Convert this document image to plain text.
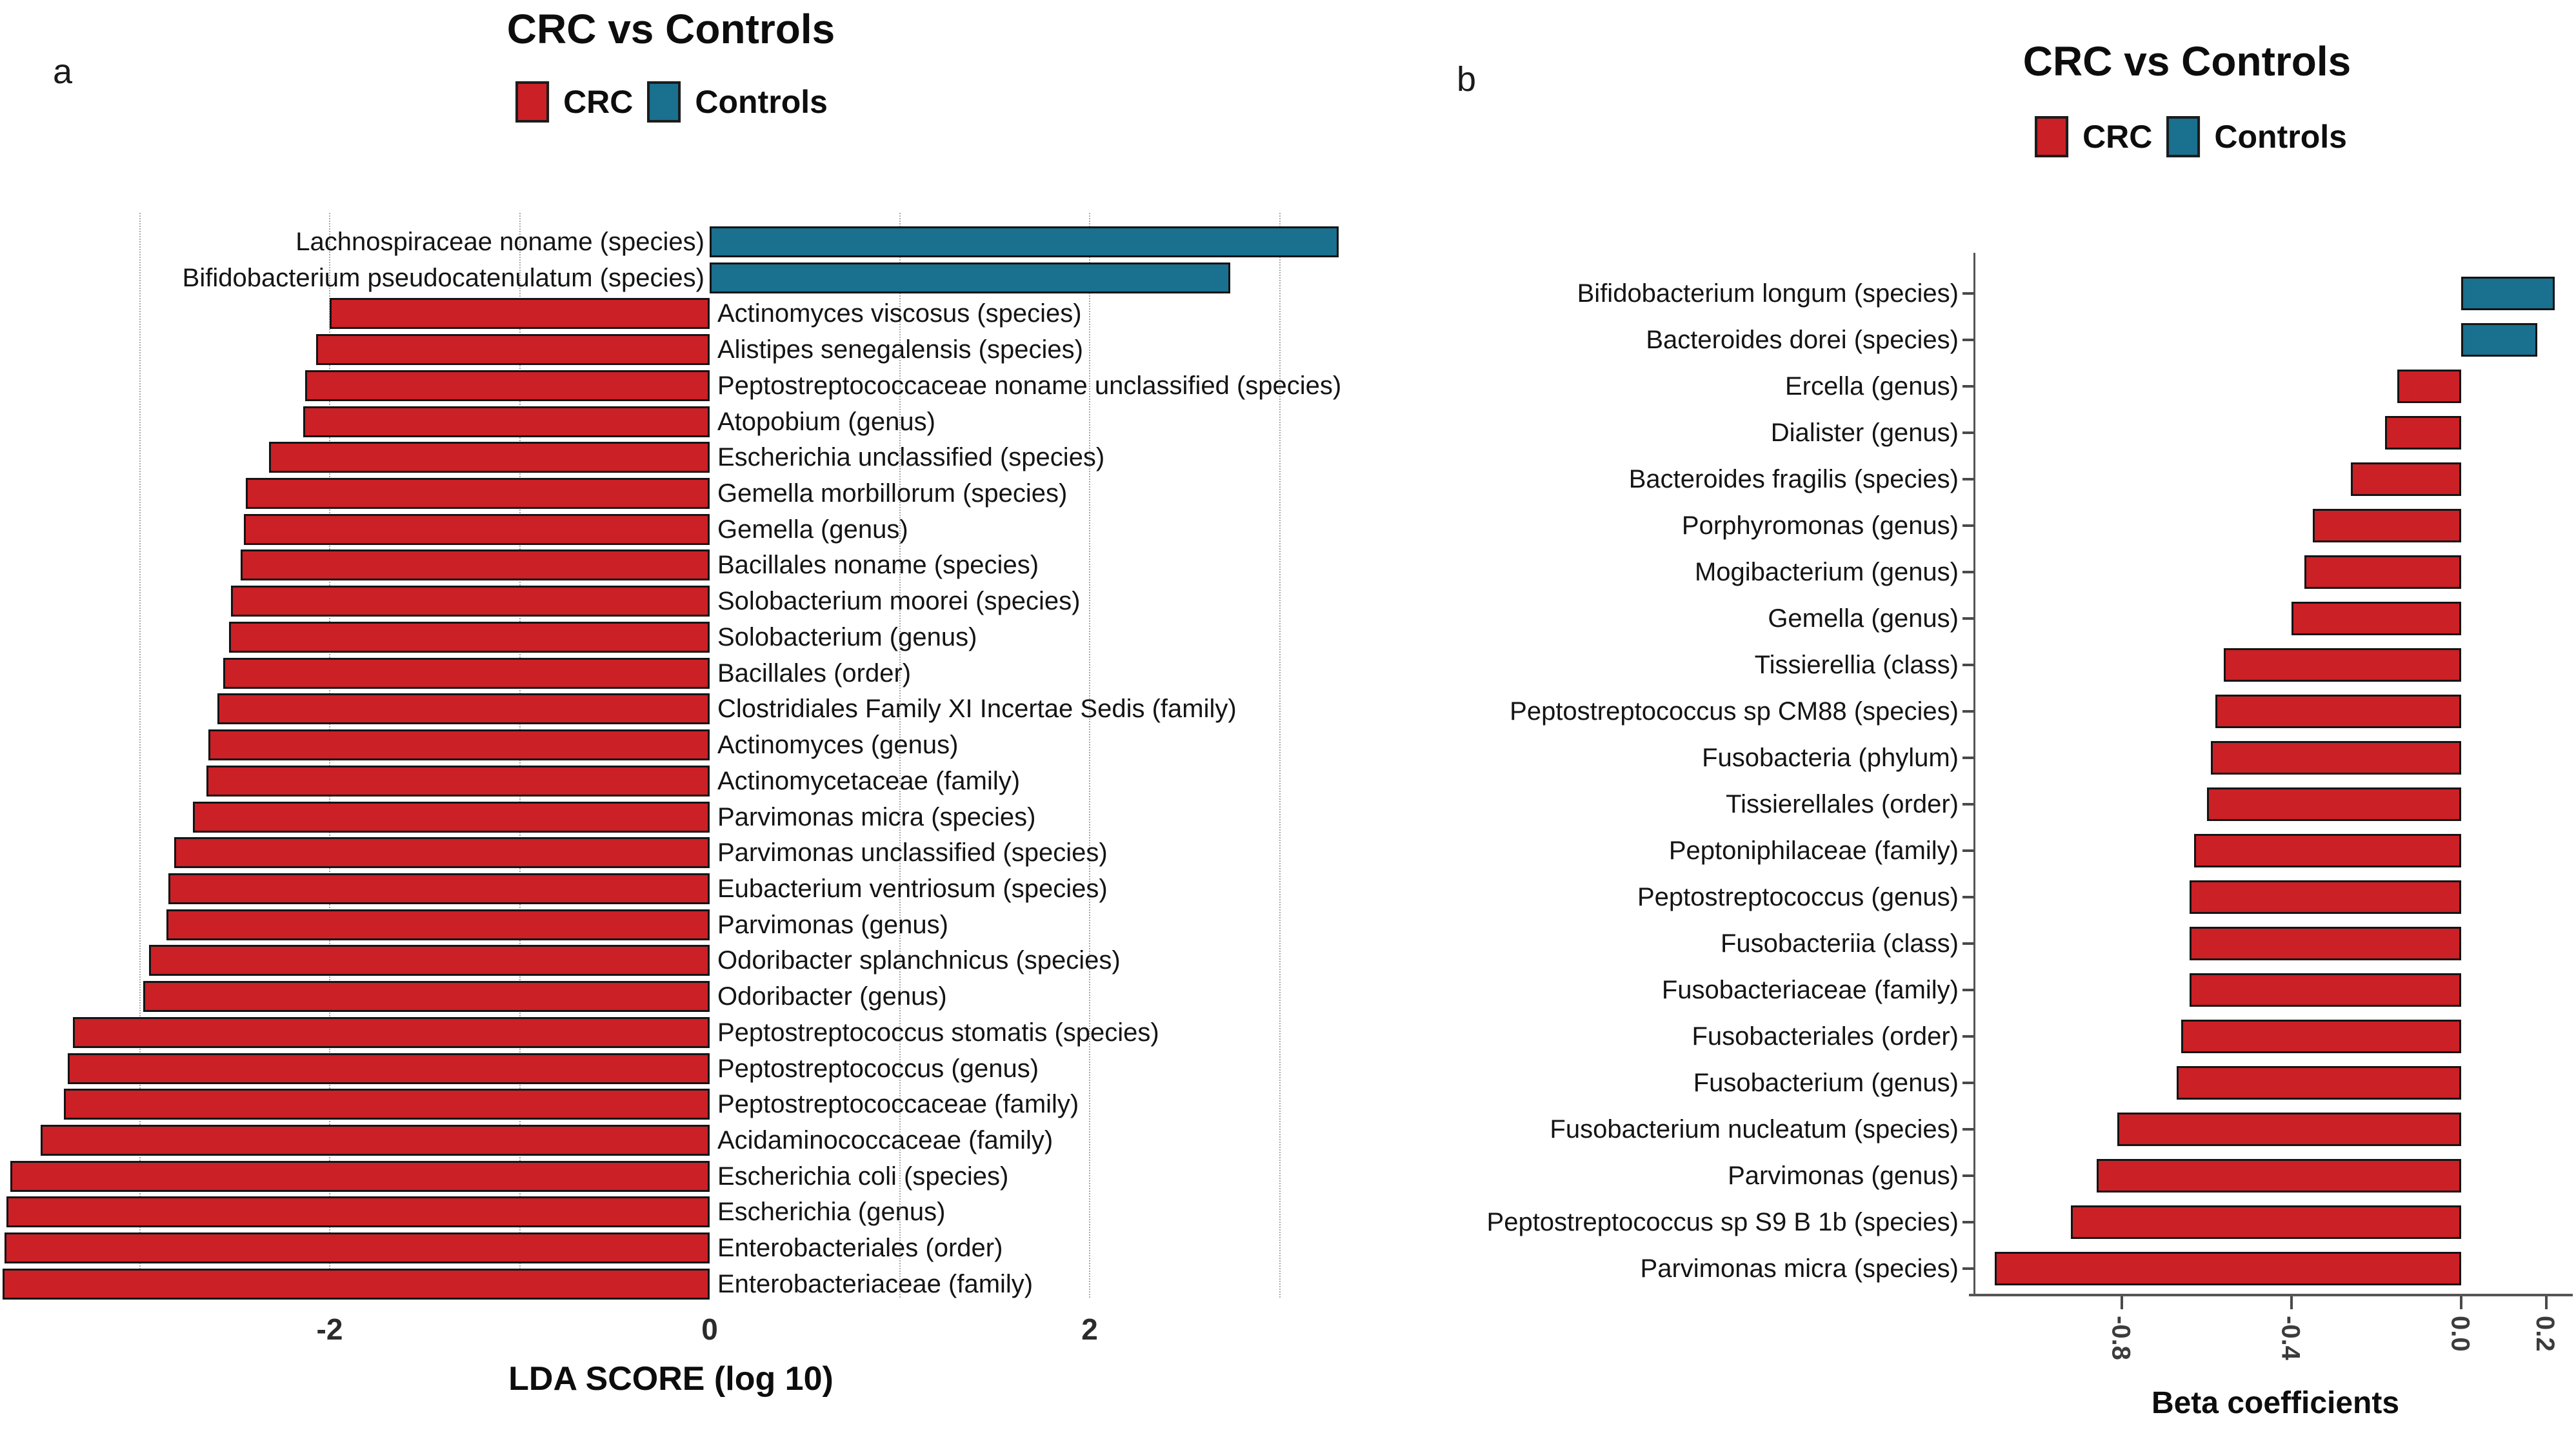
a
CRC vs Controls
CRC Controls
Lachnospiraceae noname (species)
Bifidobacterium pseudocatenulatum (species)
Actinomyces viscosus (species)
Alistipes senegalensis (species)
Peptostreptococcaceae noname unclassified (species)
Atopobium (genus)
Escherichia unclassified (species)
Gemella morbillorum (species)
Gemella (genus)
Bacillales noname (species)
Solobacterium moorei (species)
Solobacterium (genus)
Bacillales (order)
Clostridiales Family XI Incertae Sedis (family)
Actinomyces (genus)
Actinomycetaceae (family)
Parvimonas micra (species)
Parvimonas unclassified (species)
Eubacterium ventriosum (species)
Parvimonas (genus)
Odoribacter splanchnicus (species)
Odoribacter (genus)
Peptostreptococcus stomatis (species)
Peptostreptococcus (genus)
Peptostreptococcaceae (family)
Acidaminococcaceae (family)
Escherichia coli (species)
Escherichia (genus)
Enterobacteriales (order)
Enterobacteriaceae (family)
-2	0	2
LDA SCORE (log 10)
b	CRC vs Controls
CRC Controls
Bifidobacterium longum (species)
Bacteroides dorei (species)
Ercella (genus)
Dialister (genus)
Bacteroides fragilis (species)
Porphyromonas (genus)
Mogibacterium (genus)
Gemella (genus)
Tissierellia (class)
Peptostreptococcus sp CM88 (species)
Fusobacteria (phylum)
Tissierellales (order)
Peptoniphilaceae (family)
Peptostreptococcus (genus)
Fusobacteriia (class)
Fusobacteriaceae (family)
Fusobacteriales (order)
Fusobacterium (genus)
Fusobacterium nucleatum (species)
Parvimonas (genus)
Peptostreptococcus sp S9 B 1b (species)
Parvimonas micra (species)
-0.8	-0.4	0.0 0.2
Beta coefficients
